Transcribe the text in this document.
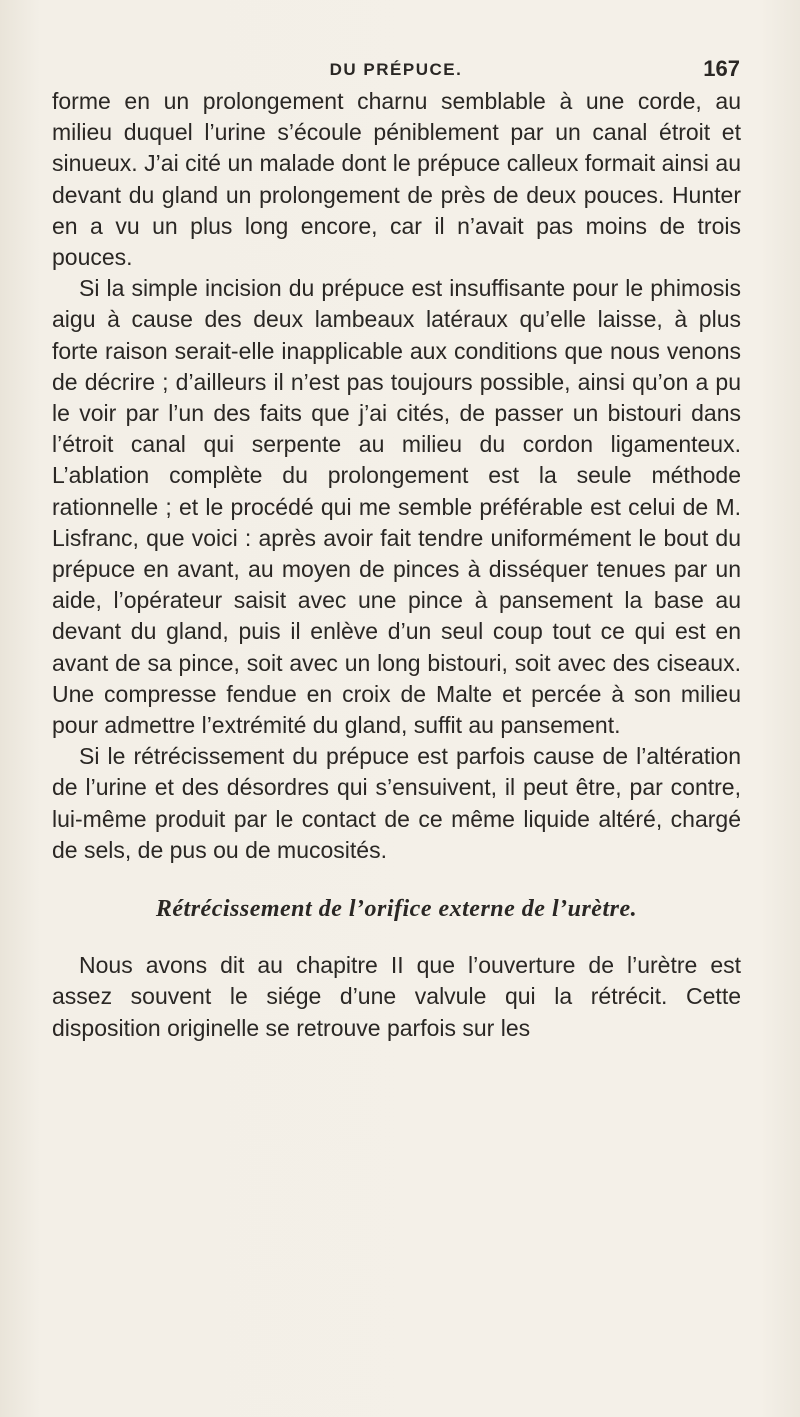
DU PRÉPUCE.	167

forme en un prolongement charnu semblable à une corde, au milieu duquel l’urine s’écoule péniblement par un canal étroit et sinueux. J’ai cité un malade dont le prépuce calleux formait ainsi au devant du gland un prolongement de près de deux pouces. Hunter en a vu un plus long encore, car il n’avait pas moins de trois pouces.

Si la simple incision du prépuce est insuffisante pour le phimosis aigu à cause des deux lambeaux latéraux qu’elle laisse, à plus forte raison serait-elle inapplicable aux conditions que nous venons de décrire ; d’ailleurs il n’est pas toujours possible, ainsi qu’on a pu le voir par l’un des faits que j’ai cités, de passer un bistouri dans l’étroit canal qui serpente au milieu du cordon ligamenteux. L’ablation complète du prolongement est la seule méthode rationnelle ; et le procédé qui me semble préférable est celui de M. Lisfranc, que voici : après avoir fait tendre uniformément le bout du prépuce en avant, au moyen de pinces à disséquer tenues par un aide, l’opérateur saisit avec une pince à pansement la base au devant du gland, puis il enlève d’un seul coup tout ce qui est en avant de sa pince, soit avec un long bistouri, soit avec des ciseaux. Une compresse fendue en croix de Malte et percée à son milieu pour admettre l’extrémité du gland, suffit au pansement.

Si le rétrécissement du prépuce est parfois cause de l’altération de l’urine et des désordres qui s’ensuivent, il peut être, par contre, lui-même produit par le contact de ce même liquide altéré, chargé de sels, de pus ou de mucosités.

Rétrécissement de l’orifice externe de l’urètre.

Nous avons dit au chapitre II que l’ouverture de l’urètre est assez souvent le siége d’une valvule qui la rétrécit. Cette disposition originelle se retrouve parfois sur les
